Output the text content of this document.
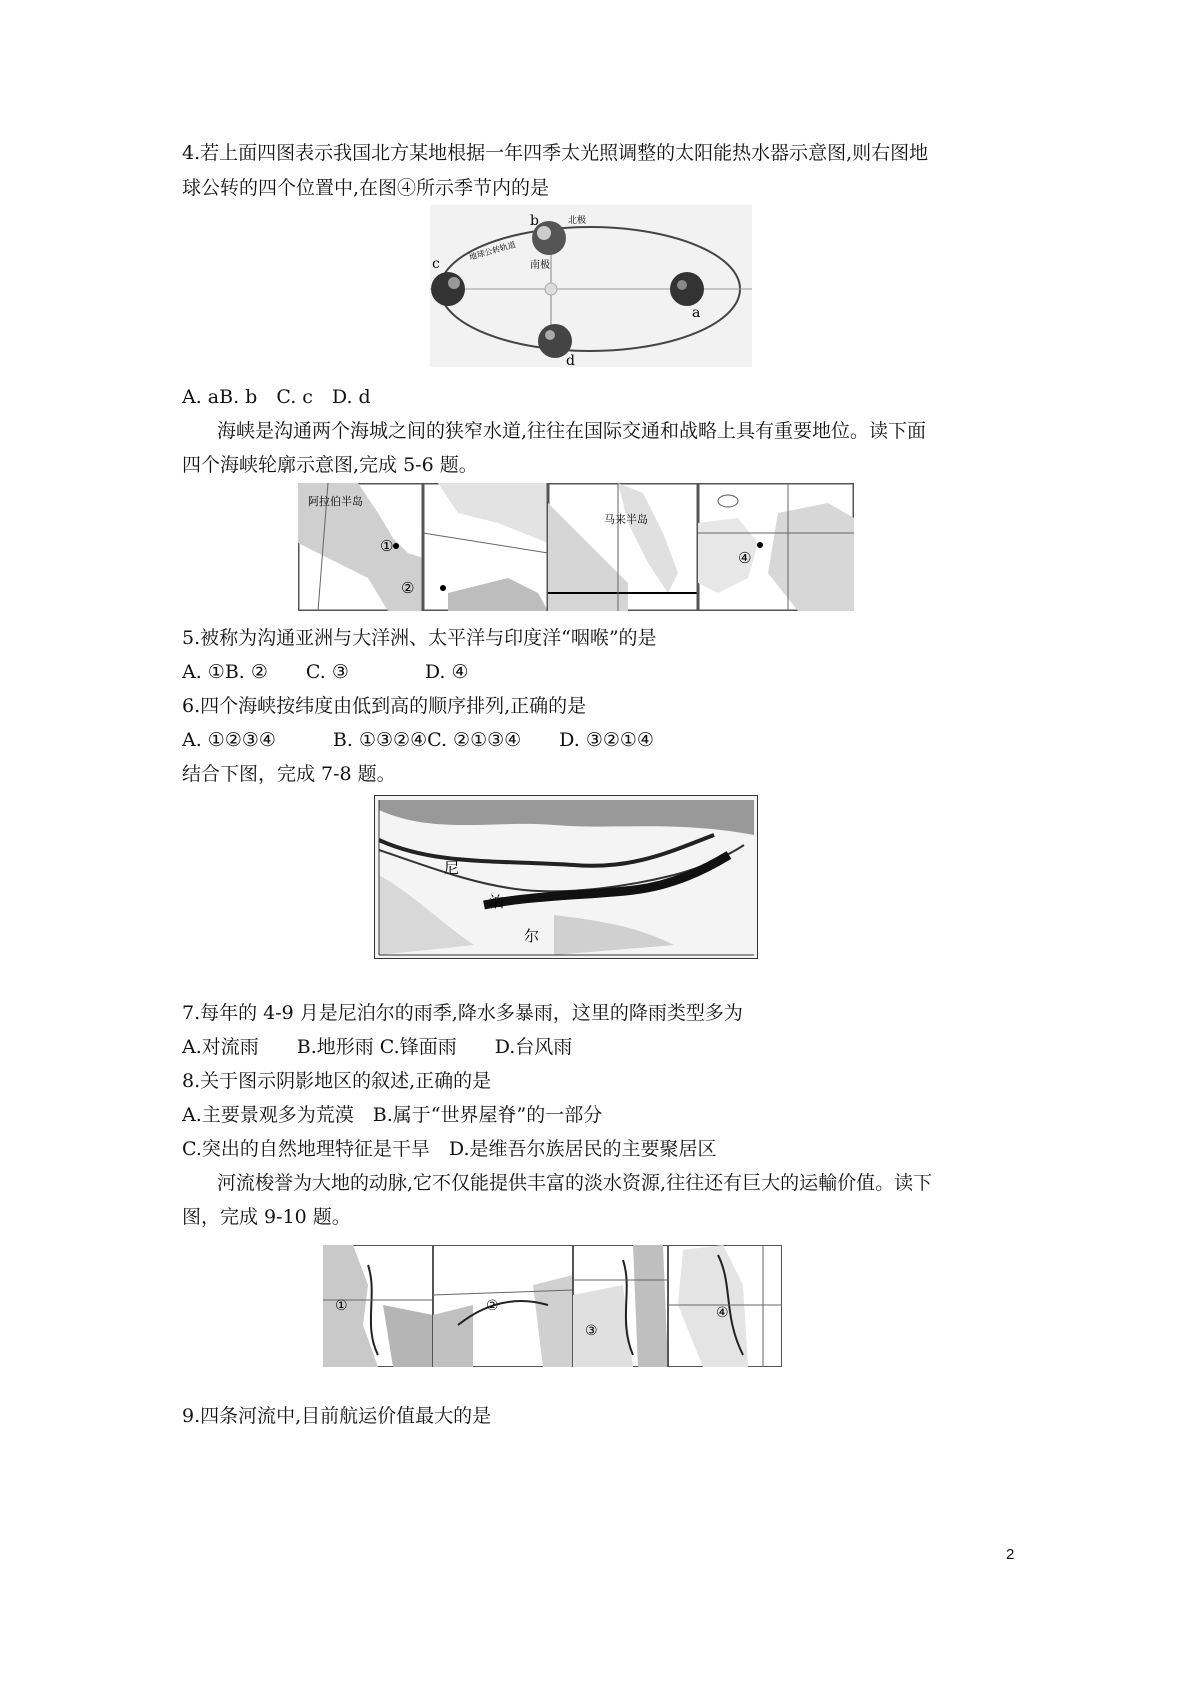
4.若上面四图表示我国北方某地根据一年四季太光照调整的太阳能热水器示意图,则右图地
球公转的四个位置中,在图④所示季节内的是
b	北极
南极
地球公转轨道
c
a
d
A. aB. b　C. c　D. d
海峡是沟通两个海城之间的狭窄水道,往往在国际交通和战略上具有重要地位。读下面
四个海峡轮廓示意图,完成 5-6 题。
阿拉伯半岛
①
②
马来半岛
④
5.被称为沟通亚洲与大洋洲、太平洋与印度洋“咽喉”的是
A. ①B. ②　　C. ③　　　　D. ④
6.四个海峡按纬度由低到高的顺序排列,正确的是
A. ①②③④　　　B. ①③②④C. ②①③④　　D. ③②①④
结合下图，完成 7-8 题。
尼
泊
尔
7.每年的 4-9 月是尼泊尔的雨季,降水多暴雨，这里的降雨类型多为
A.对流雨　　B.地形雨 C.锋面雨　　D.台风雨
8.关于图示阴影地区的叙述,正确的是
A.主要景观多为荒漠　B.属于“世界屋脊”的一部分
C.突出的自然地理特征是干旱　D.是维吾尔族居民的主要聚居区
河流梭誉为大地的动脉,它不仅能提供丰富的淡水资源,往往还有巨大的运輸价值。读下
图，完成 9-10 题。
①	②
③
④
9.四条河流中,目前航运价值最大的是
2
